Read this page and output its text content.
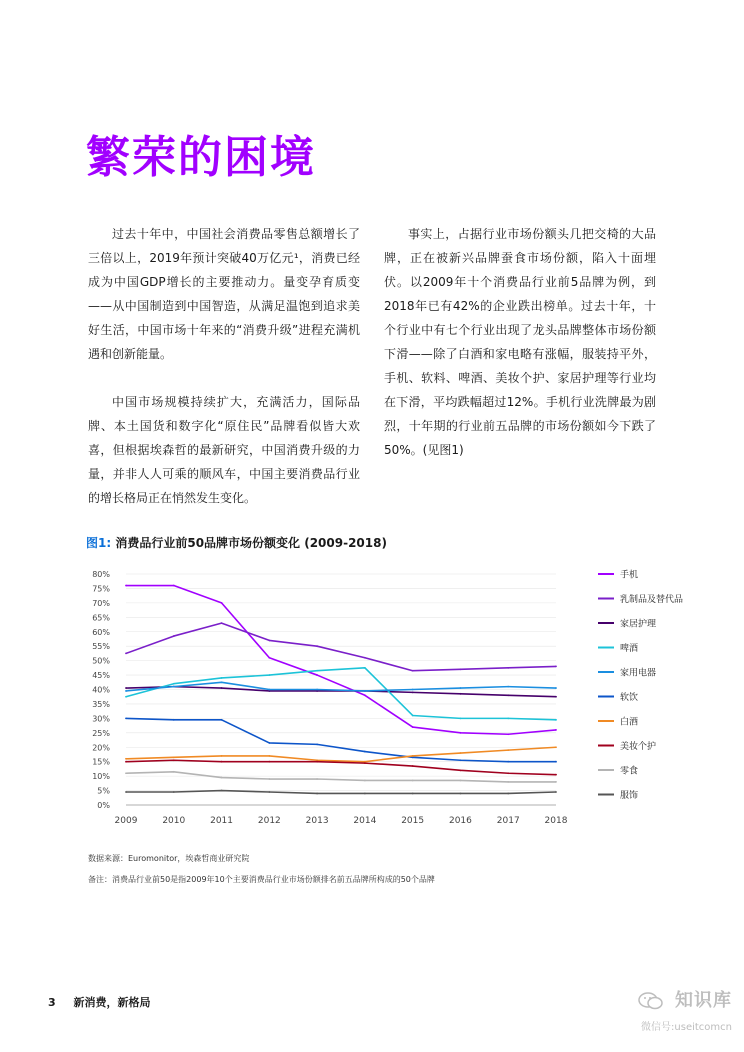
繁荣的困境

过去十年中，中国社会消费品零售总额增长了三倍以上，2019年预计突破40万亿元¹，消费已经成为中国GDP增长的主要推动力。量变孕育质变——从中国制造到中国智造，从满足温饱到追求美好生活，中国市场十年来的“消费升级”进程充满机遇和创新能量。

中国市场规模持续扩大，充满活力，国际品牌、本土国货和数字化“原住民”品牌看似皆大欢喜，但根据埃森哲的最新研究，中国消费升级的力量，并非人人可乘的顺风车，中国主要消费品行业的增长格局正在悄然发生变化。

事实上，占据行业市场份额头几把交椅的大品牌，正在被新兴品牌蚕食市场份额，陷入十面埋伏。以2009年十个消费品行业前5品牌为例，到2018年已有42%的企业跌出榜单。过去十年，十个行业中有七个行业出现了龙头品牌整体市场份额下滑——除了白酒和家电略有涨幅，服装持平外，手机、软料、啤酒、美妆个护、家居护理等行业均在下滑，平均跌幅超过12%。手机行业洗牌最为剧烈，十年期的行业前五品牌的市场份额如今下跌了50%。(见图1)

图1: 消费品行业前50品牌市场份额变化 (2009-2018)
0%
5%
10%
15%
20%
25%
30%
35%
40%
45%
50%
55%
60%
65%
70%
75%
80%
2009	2010	2011	2012	2013	2014	2015	2016	2017	2018
手机
乳制品及替代品
家居护理
啤酒
家用电器
软饮
白酒
美妆个护
零食
服饰
数据来源：Euromonitor，埃森哲商业研究院
备注：消费品行业前50是指2009年10个主要消费品行业市场份额排名前五品牌所构成的50个品牌
3 新消费，新格局	知识库
微信号:useitcomcn
